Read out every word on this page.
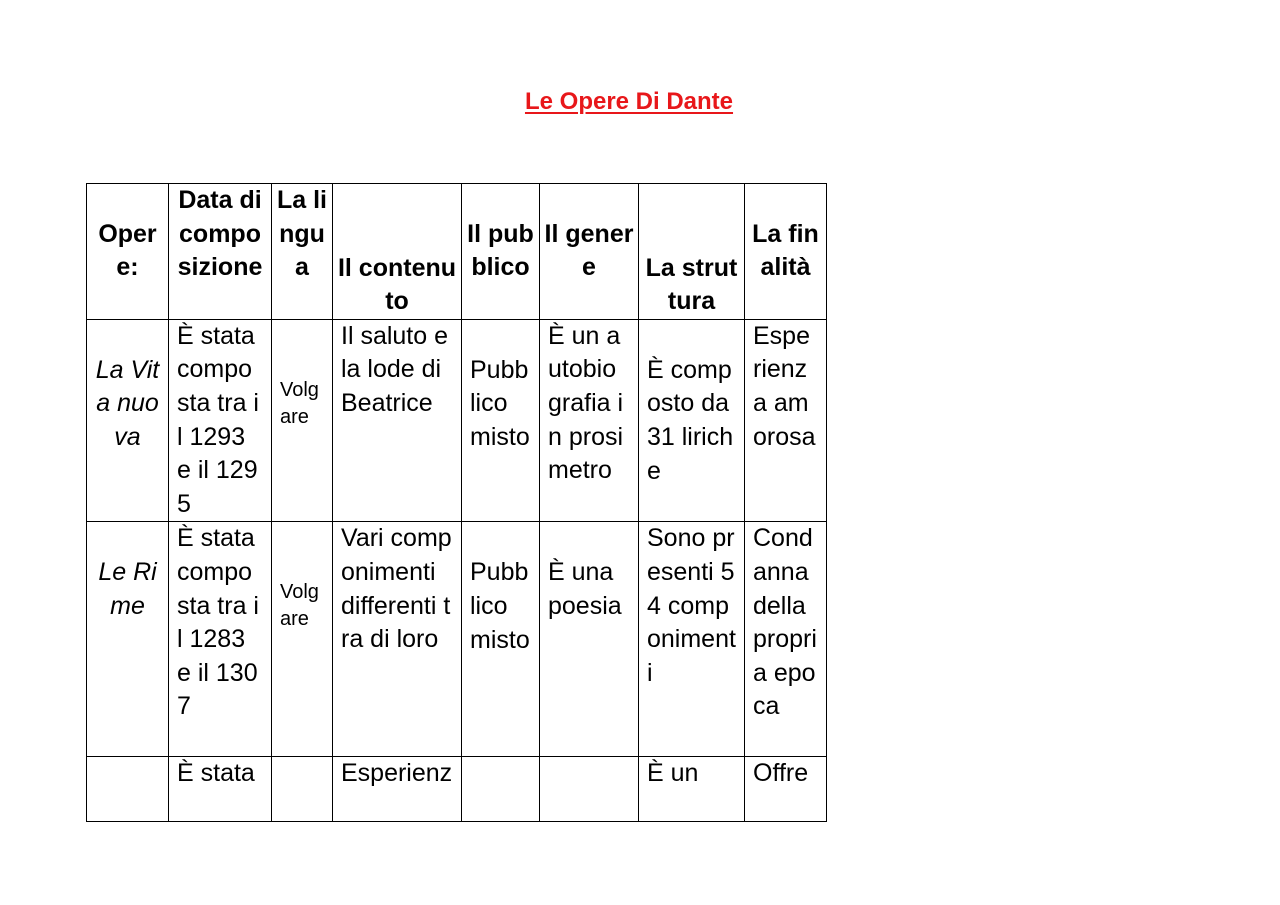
Le Opere Di Dante
Opere:	Data di composizione	La lingua	Il contenuto	Il pubblico	Il genere	La struttura	La finalità

La Vita nuova	È stata composta tra il 1293 e il 1295	Volgare	Il saluto e la lode di Beatrice	Pubblico misto	È un autobiografia in prosimetro	È composto da 31 liriche	Esperienza amorosa

Le Rime	È stata composta tra il 1283 e il 1307	Volgare	Vari componimenti differenti tra di loro	Pubblico misto	È una poesia	Sono presenti 54 componimenti	Condanna della propria epoca

	È stata		Esperienz			È un	Offre
